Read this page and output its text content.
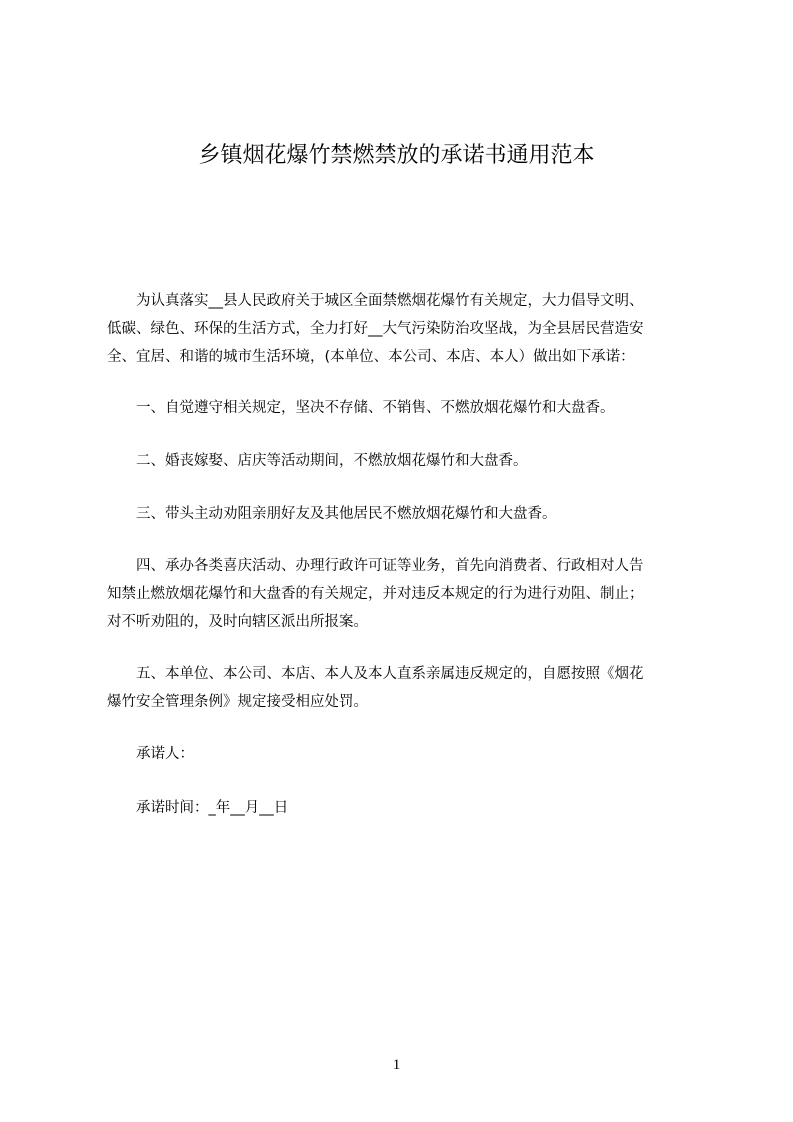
乡镇烟花爆竹禁燃禁放的承诺书通用范本

　　为认真落实__县人民政府关于城区全面禁燃烟花爆竹有关规定，大力倡导文明、
低碳、绿色、环保的生活方式，全力打好__大气污染防治攻坚战，为全县居民营造安
全、宜居、和谐的城市生活环境，(本单位、本公司、本店、本人）做出如下承诺：

　　一、自觉遵守相关规定，坚决不存储、不销售、不燃放烟花爆竹和大盘香。

　　二、婚丧嫁娶、店庆等活动期间，不燃放烟花爆竹和大盘香。

　　三、带头主动劝阻亲朋好友及其他居民不燃放烟花爆竹和大盘香。

　　四、承办各类喜庆活动、办理行政许可证等业务，首先向消费者、行政相对人告
知禁止燃放烟花爆竹和大盘香的有关规定，并对违反本规定的行为进行劝阻、制止；
对不听劝阻的，及时向辖区派出所报案。

　　五、本单位、本公司、本店、本人及本人直系亲属违反规定的，自愿按照《烟花
爆竹安全管理条例》规定接受相应处罚。

　　承诺人：

　　承诺时间：_年__月__日

1
